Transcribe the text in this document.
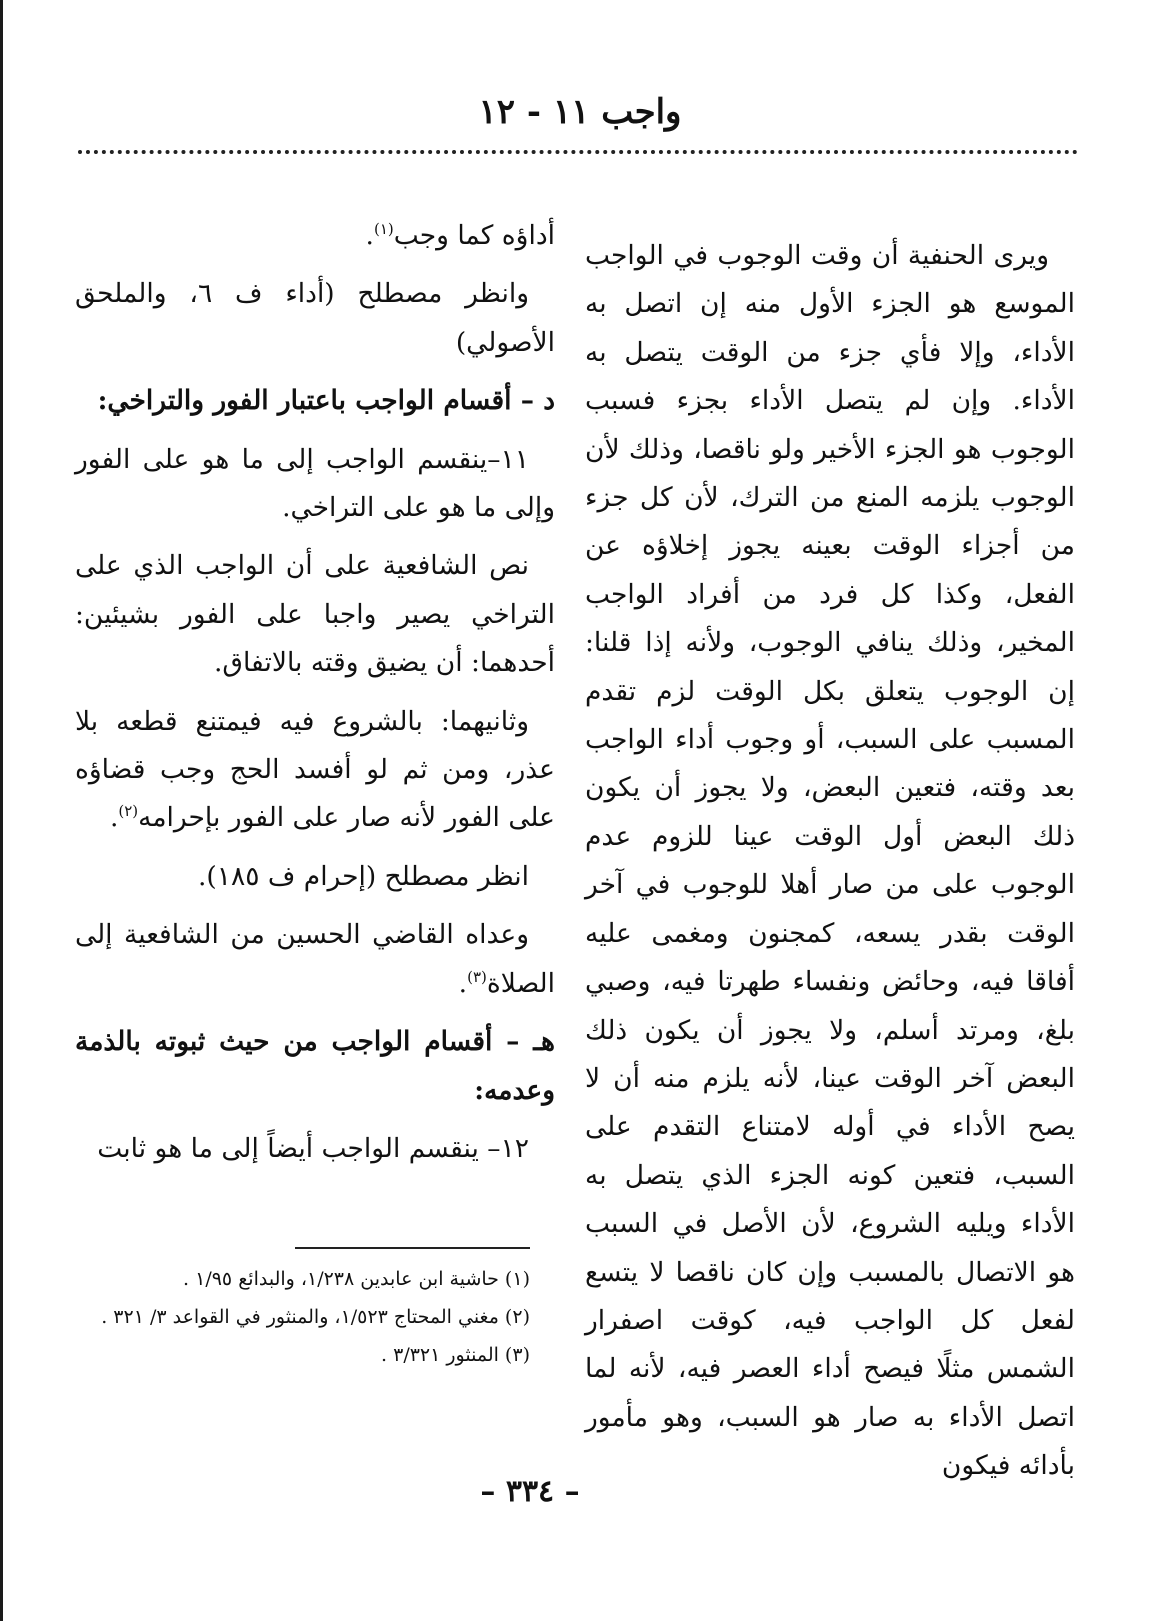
واجب ١١ - ١٢

ويرى الحنفية أن وقت الوجوب في الواجب الموسع هو الجزء الأول منه إن اتصل به الأداء، وإلا فأي جزء من الوقت يتصل به الأداء. وإن لم يتصل الأداء بجزء فسبب الوجوب هو الجزء الأخير ولو ناقصا، وذلك لأن الوجوب يلزمه المنع من الترك، لأن كل جزء من أجزاء الوقت بعينه يجوز إخلاؤه عن الفعل، وكذا كل فرد من أفراد الواجب المخير، وذلك ينافي الوجوب، ولأنه إذا قلنا: إن الوجوب يتعلق بكل الوقت لزم تقدم المسبب على السبب، أو وجوب أداء الواجب بعد وقته، فتعين البعض، ولا يجوز أن يكون ذلك البعض أول الوقت عينا للزوم عدم الوجوب على من صار أهلا للوجوب في آخر الوقت بقدر يسعه، كمجنون ومغمى عليه أفاقا فيه، وحائض ونفساء طهرتا فيه، وصبي بلغ، ومرتد أسلم، ولا يجوز أن يكون ذلك البعض آخر الوقت عينا، لأنه يلزم منه أن لا يصح الأداء في أوله لامتناع التقدم على السبب، فتعين كونه الجزء الذي يتصل به الأداء ويليه الشروع، لأن الأصل في السبب هو الاتصال بالمسبب وإن كان ناقصا لا يتسع لفعل كل الواجب فيه، كوقت اصفرار الشمس مثلًا فيصح أداء العصر فيه، لأنه لما اتصل الأداء به صار هو السبب، وهو مأمور بأدائه فيكون

أداؤه كما وجب$^{(١)}$.

وانظر مصطلح (أداء ف ٦، والملحق الأصولي)

د – أقسام الواجب باعتبار الفور والتراخي:

١١–ينقسم الواجب إلى ما هو على الفور وإلى ما هو على التراخي.

نص الشافعية على أن الواجب الذي على التراخي يصير واجبا على الفور بشيئين: أحدهما: أن يضيق وقته بالاتفاق.

وثانيهما: بالشروع فيه فيمتنع قطعه بلا عذر، ومن ثم لو أفسد الحج وجب قضاؤه على الفور لأنه صار على الفور بإحرامه$^{(٢)}$.

انظر مصطلح (إحرام ف ١٨٥).

وعداه القاضي الحسين من الشافعية إلى الصلاة$^{(٣)}$.

هـ – أقسام الواجب من حيث ثبوته بالذمة وعدمه:

١٢– ينقسم الواجب أيضاً إلى ما هو ثابت

(١) حاشية ابن عابدين ١/٢٣٨، والبدائع ١/٩٥ .

(٢) مغني المحتاج ١/٥٢٣، والمنثور في القواعد ٣/ ٣٢١ .

(٣) المنثور ٣/٣٢١ .

– ٣٣٤ –
